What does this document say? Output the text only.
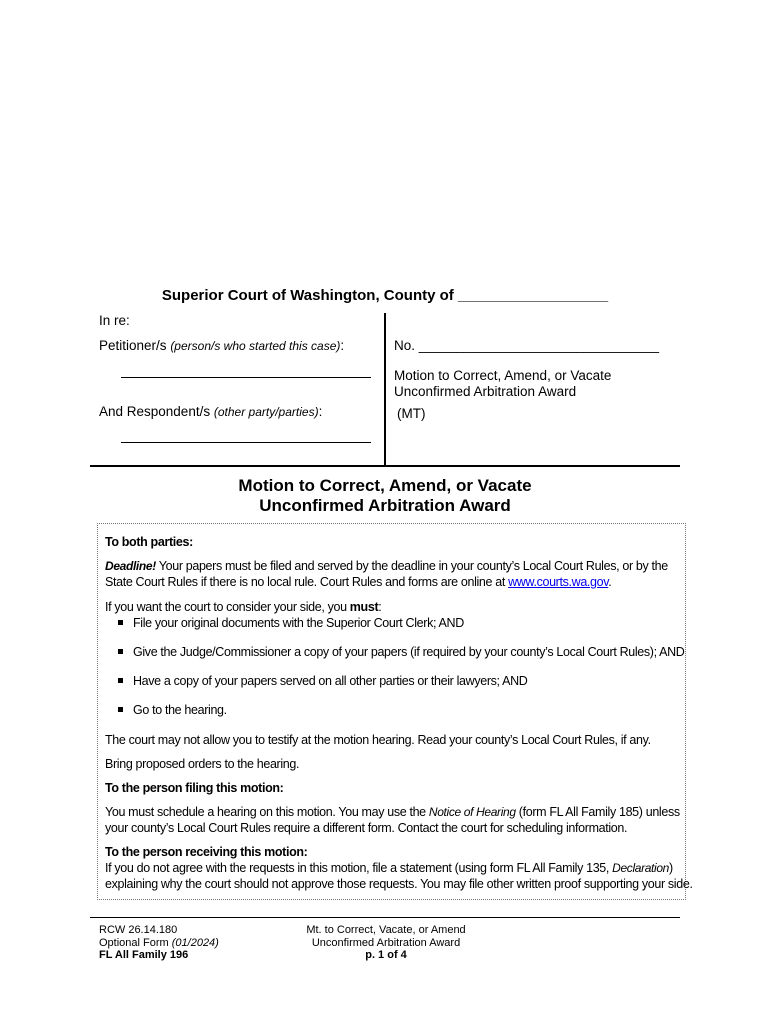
Superior Court of Washington, County of __________________
In re:
Petitioner/s (person/s who started this case):
And Respondent/s (other party/parties):
No. ________________________________
Motion to Correct, Amend, or Vacate
Unconfirmed Arbitration Award
(MT)
Motion to Correct, Amend, or Vacate
Unconfirmed Arbitration Award

To both parties:

Deadline! Your papers must be filed and served by the deadline in your county’s Local Court Rules, or by the

State Court Rules if there is no local rule. Court Rules and forms are online at www.courts.wa.gov.

If you want the court to consider your side, you must:

File your original documents with the Superior Court Clerk; AND
Give the Judge/Commissioner a copy of your papers (if required by your county’s Local Court Rules); AND
Have a copy of your papers served on all other parties or their lawyers; AND
Go to the hearing.

The court may not allow you to testify at the motion hearing. Read your county’s Local Court Rules, if any.

Bring proposed orders to the hearing.

To the person filing this motion:

You must schedule a hearing on this motion. You may use the Notice of Hearing (form FL All Family 185) unless

your county’s Local Court Rules require a different form. Contact the court for scheduling information.

To the person receiving this motion:

If you do not agree with the requests in this motion, file a statement (using form FL All Family 135, Declaration)

explaining why the court should not approve those requests. You may file other written proof supporting your side.

RCW 26.14.180
Optional Form (01/2024)
FL All Family 196
Mt. to Correct, Vacate, or Amend
Unconfirmed Arbitration Award
p. 1 of 4
